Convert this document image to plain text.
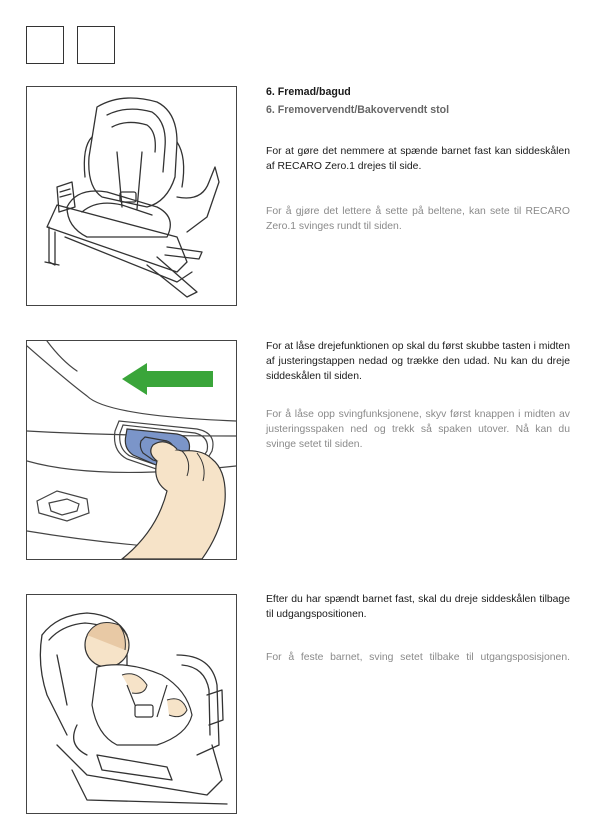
6. Fremad/bagud
6. Fremovervendt/Bakovervendt stol
For at gøre det nemmere at spænde barnet fast kan siddeskålen af RECARO Zero.1 drejes til side.
For å gjøre det lettere å sette på beltene, kan sete til RECARO Zero.1 svinges rundt til siden.
For at låse drejefunktionen op skal du først skubbe tasten i midten af justeringstappen nedad og trække den udad. Nu kan du dreje siddeskålen til siden.
For å låse opp svingfunksjonene, skyv først knappen i midten av justeringsspaken ned og trekk så spaken utover. Nå kan du svinge setet til siden.
Efter du har spændt barnet fast, skal du dreje siddeskålen tilbage til udgangspositionen.
For å feste barnet, sving setet tilbake til utgangsposisjonen.
